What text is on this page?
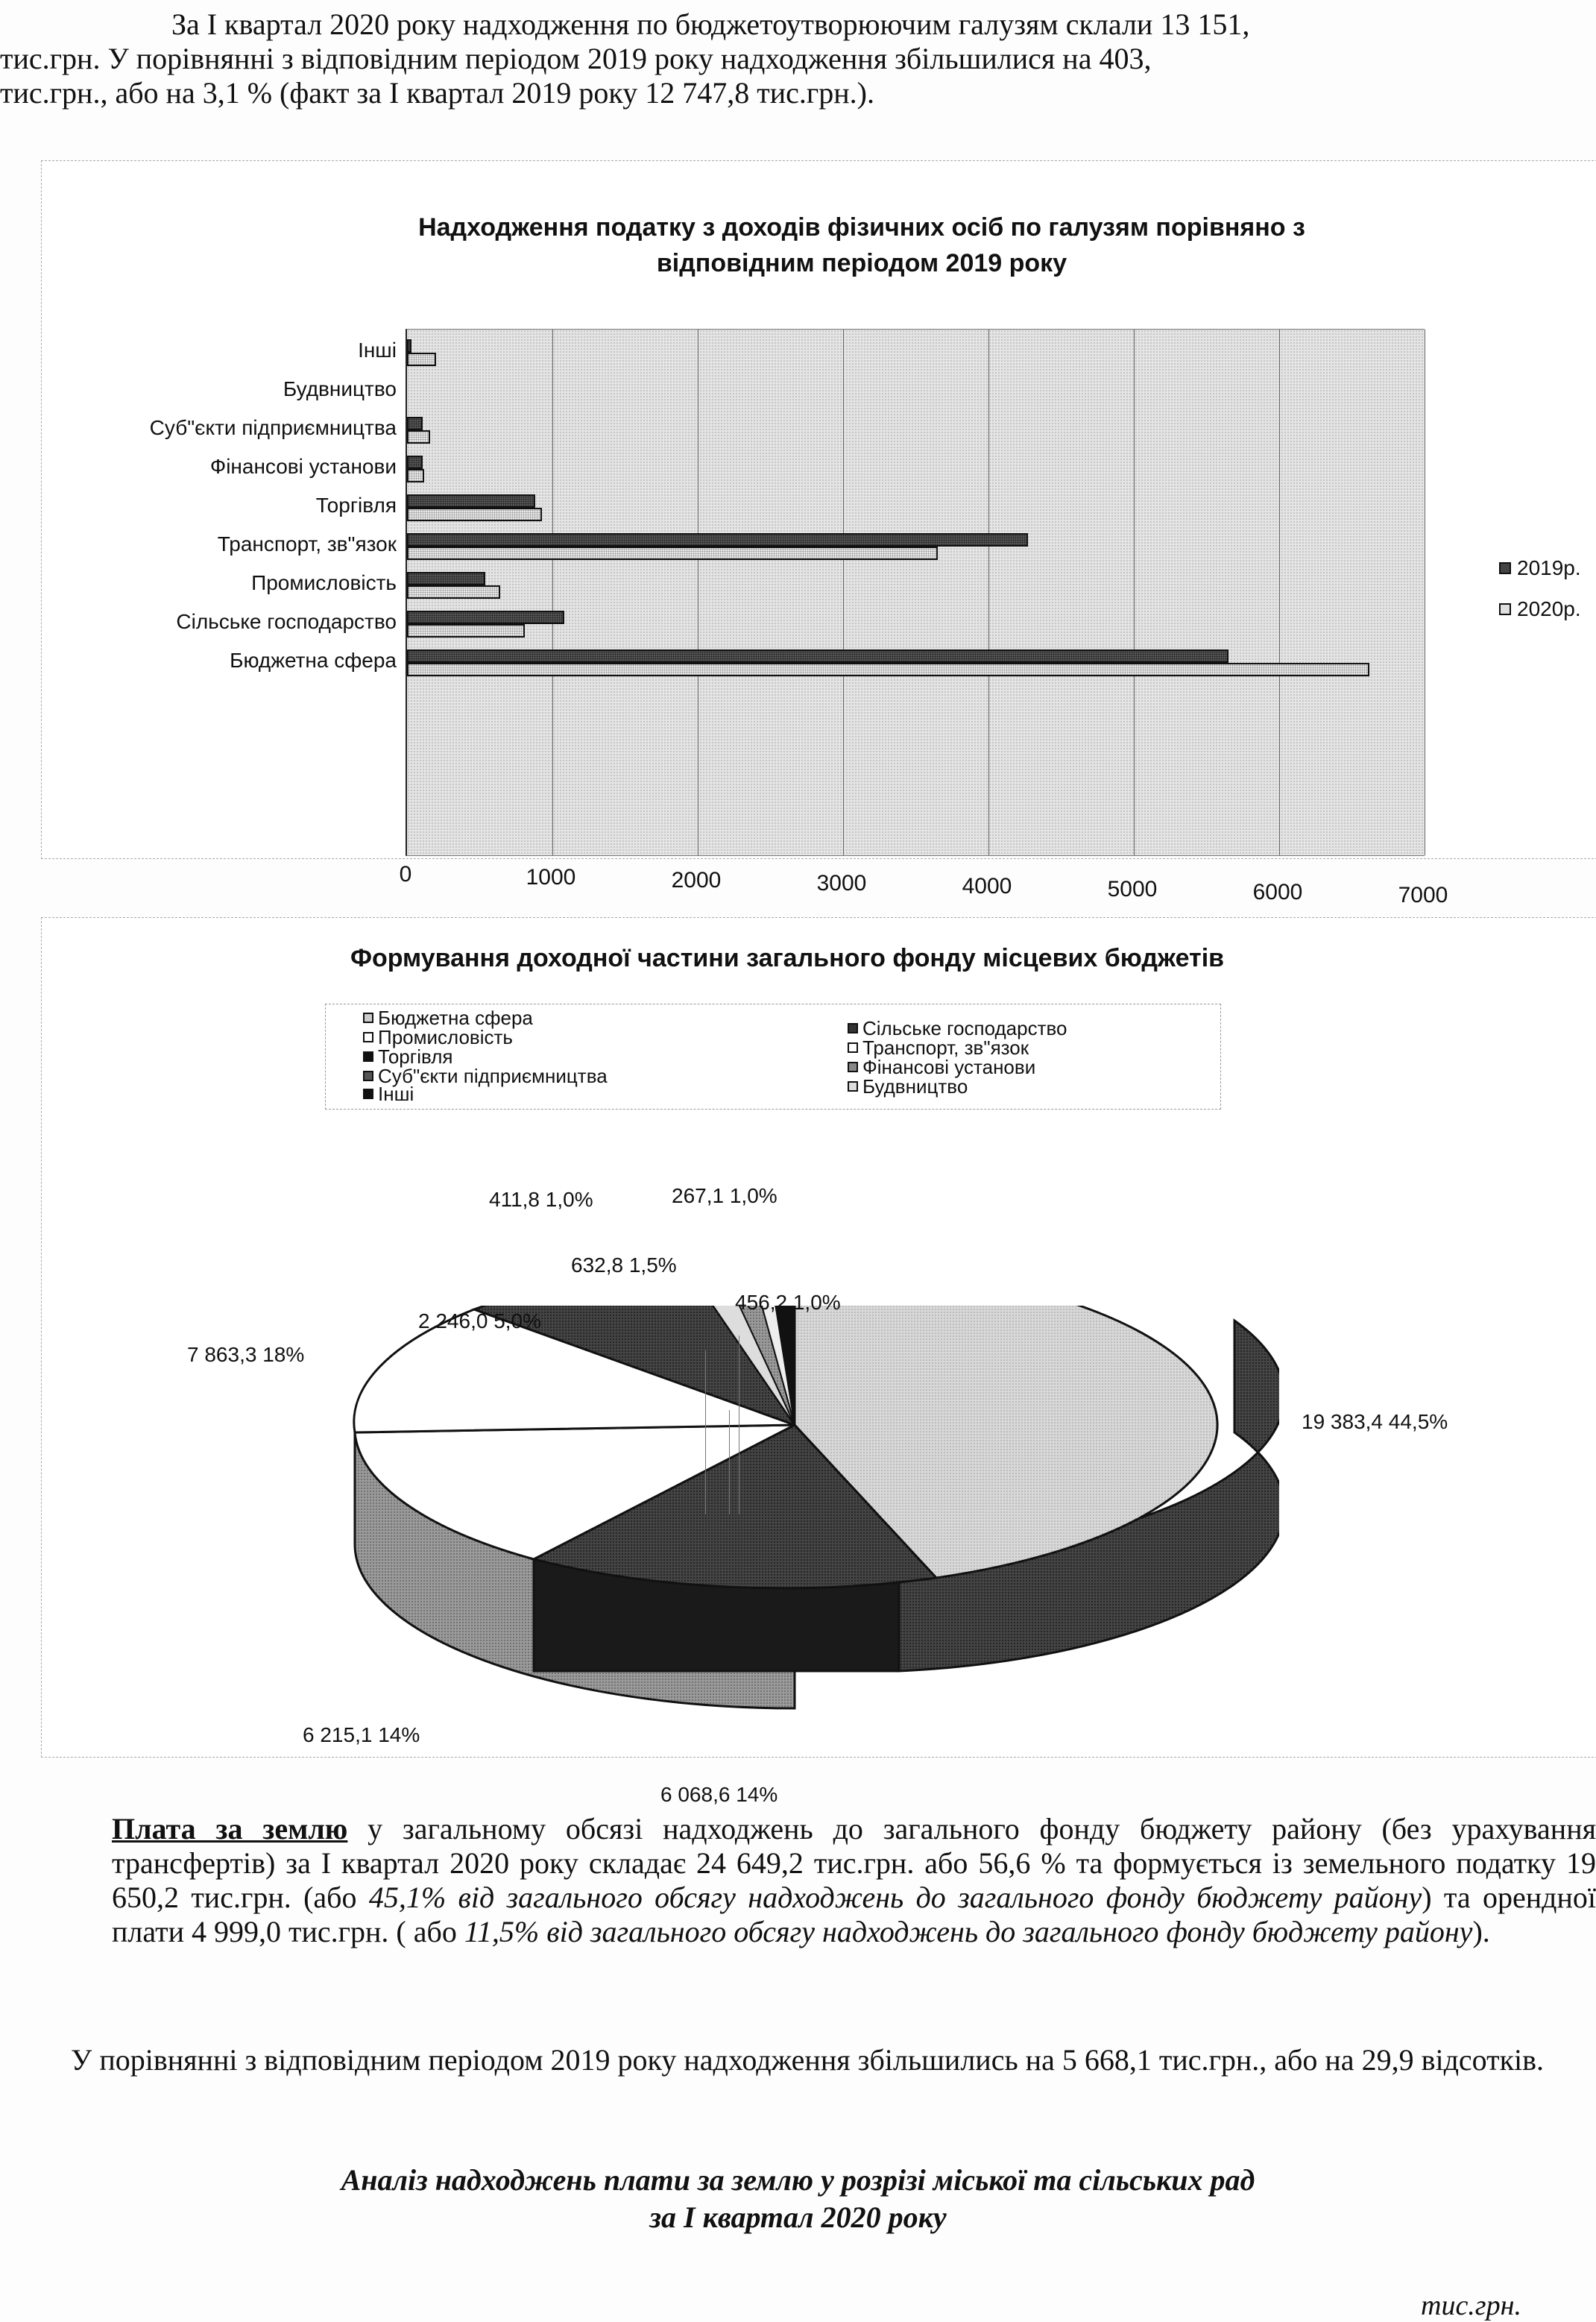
За I квартал 2020 року надходження по бюджетоутворюючим галузям склали 13 151,
тис.грн. У порівнянні з відповідним періодом 2019 року надходження збільшилися на 403,
тис.грн., або на 3,1 % (факт за I квартал 2019 року 12 747,8 тис.грн.).
Надходження податку з доходів фізичних осіб по галузям порівняно з
відповідним періодом 2019 року
Інші
Будвництво
Суб"єкти підприємництва
Фінансові установи
Торгівля
Транспорт, зв"язок
Промисловість
Сільське господарство
Бюджетна сфера
0	1000	2000	3000	4000	5000	6000	7000
2019р.
2020р.
Формування доходної частини загального фонду місцевих бюджетів
Бюджетна сфера
Промисловість
Торгівля
Суб"єкти підприємництва
Інші
Сільське господарство
Транспорт, зв"язок
Фінансові установи
Будвництво
19 383,4 44,5%
6 068,6 14%
6 215,1 14%
7 863,3 18%
2 246,0 5,0%
632,8 1,5%
411,8 1,0%	267,1 1,0%
456,2 1,0%
Плата за землю у загальному обсязі надходжень до загального фонду бюджету району (без урахування трансфертів) за I квартал 2020 року складає 24 649,2 тис.грн. або 56,6 % та формується із земельного податку 19 650,2 тис.грн. (або 45,1% від загального обсягу надходжень до загального фонду бюджету району) та орендної плати 4 999,0 тис.грн. ( або 11,5% від загального обсягу надходжень до загального фонду бюджету району).
У порівнянні з відповідним періодом 2019 року надходження збільшились на 5 668,1 тис.грн., або на 29,9 відсотків.
Аналіз надходжень плати за землю у розрізі міської та сільських рад
за I квартал 2020 року
тис.грн.
